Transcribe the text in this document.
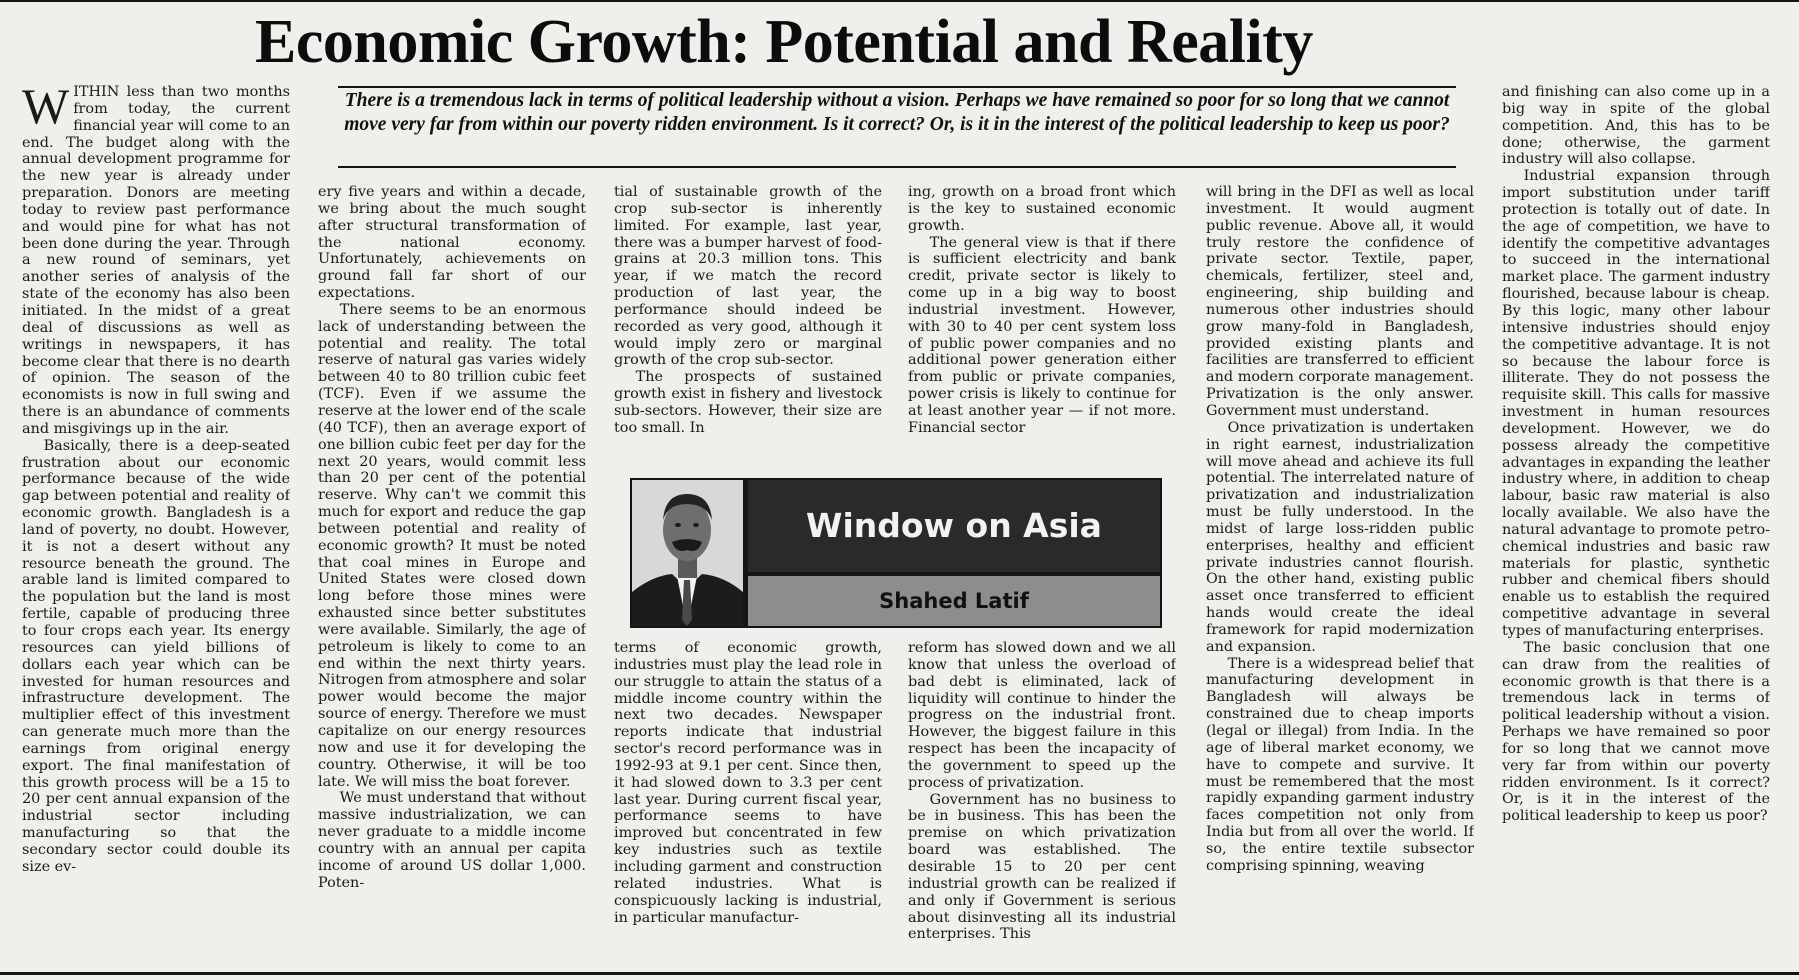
Economic Growth: Potential and Reality
There is a tremendous lack in terms of political leadership without a vision. Perhaps we have remained so poor for so long that we cannot move very far from within our poverty ridden environment. Is it correct? Or, is it in the interest of the political leadership to keep us poor?

WITHIN less than two months from today, the current financial year will come to an end. The budget along with the annual development programme for the new year is already under preparation. Donors are meeting today to review past performance and would pine for what has not been done during the year. Through a new round of seminars, yet another series of analysis of the state of the economy has also been initiated. In the midst of a great deal of discussions as well as writings in newspapers, it has become clear that there is no dearth of opinion. The season of the economists is now in full swing and there is an abundance of comments and misgivings up in the air.

Basically, there is a deep-seated frustration about our economic performance because of the wide gap between potential and reality of economic growth. Bangladesh is a land of poverty, no doubt. However, it is not a desert without any resource beneath the ground. The arable land is limited compared to the population but the land is most fertile, capable of producing three to four crops each year. Its energy resources can yield billions of dollars each year which can be invested for human resources and infrastructure development. The multiplier effect of this investment can generate much more than the earnings from original energy export. The final manifestation of this growth process will be a 15 to 20 per cent annual expansion of the industrial sector including manufacturing so that the secondary sector could double its size ev-

ery five years and within a decade, we bring about the much sought after structural transformation of the national economy. Unfortunately, achievements on ground fall far short of our expectations.

There seems to be an enormous lack of understanding between the potential and reality. The total reserve of natural gas varies widely between 40 to 80 trillion cubic feet (TCF). Even if we assume the reserve at the lower end of the scale (40 TCF), then an average export of one billion cubic feet per day for the next 20 years, would commit less than 20 per cent of the potential reserve. Why can't we commit this much for export and reduce the gap between potential and reality of economic growth? It must be noted that coal mines in Europe and United States were closed down long before those mines were exhausted since better substitutes were available. Similarly, the age of petroleum is likely to come to an end within the next thirty years. Nitrogen from atmosphere and solar power would become the major source of energy. Therefore we must capitalize on our energy resources now and use it for developing the country. Otherwise, it will be too late. We will miss the boat forever.

We must understand that without massive industrialization, we can never graduate to a middle income country with an annual per capita income of around US dollar 1,000. Poten-

tial of sustainable growth of the crop sub-sector is inherently limited. For example, last year, there was a bumper harvest of food-grains at 20.3 million tons. This year, if we match the record production of last year, the performance should indeed be recorded as very good, although it would imply zero or marginal growth of the crop sub-sector.

The prospects of sustained growth exist in fishery and livestock sub-sectors. However, their size are too small. In

ing, growth on a broad front which is the key to sustained economic growth.

The general view is that if there is sufficient electricity and bank credit, private sector is likely to come up in a big way to boost industrial investment. However, with 30 to 40 per cent system loss of public power companies and no additional power generation either from public or private companies, power crisis is likely to continue for at least another year — if not more. Financial sector

Window on Asia
Shahed Latif

terms of economic growth, industries must play the lead role in our struggle to attain the status of a middle income country within the next two decades. Newspaper reports indicate that industrial sector's record performance was in 1992-93 at 9.1 per cent. Since then, it had slowed down to 3.3 per cent last year. During current fiscal year, performance seems to have improved but concentrated in few key industries such as textile including garment and construction related industries. What is conspicuously lacking is industrial, in particular manufactur-

reform has slowed down and we all know that unless the overload of bad debt is eliminated, lack of liquidity will continue to hinder the progress on the industrial front. However, the biggest failure in this respect has been the incapacity of the government to speed up the process of privatization.

Government has no business to be in business. This has been the premise on which privatization board was established. The desirable 15 to 20 per cent industrial growth can be realized if and only if Government is serious about disinvesting all its industrial enterprises. This

will bring in the DFI as well as local investment. It would augment public revenue. Above all, it would truly restore the confidence of private sector. Textile, paper, chemicals, fertilizer, steel and, engineering, ship building and numerous other industries should grow many-fold in Bangladesh, provided existing plants and facilities are transferred to efficient and modern corporate management. Privatization is the only answer. Government must understand.

Once privatization is undertaken in right earnest, industrialization will move ahead and achieve its full potential. The interrelated nature of privatization and industrialization must be fully understood. In the midst of large loss-ridden public enterprises, healthy and efficient private industries cannot flourish. On the other hand, existing public asset once transferred to efficient hands would create the ideal framework for rapid modernization and expansion.

There is a widespread belief that manufacturing development in Bangladesh will always be constrained due to cheap imports (legal or illegal) from India. In the age of liberal market economy, we have to compete and survive. It must be remembered that the most rapidly expanding garment industry faces competition not only from India but from all over the world. If so, the entire textile subsector comprising spinning, weaving

and finishing can also come up in a big way in spite of the global competition. And, this has to be done; otherwise, the garment industry will also collapse.

Industrial expansion through import substitution under tariff protection is totally out of date. In the age of competition, we have to identify the competitive advantages to succeed in the international market place. The garment industry flourished, because labour is cheap. By this logic, many other labour intensive industries should enjoy the competitive advantage. It is not so because the labour force is illiterate. They do not possess the requisite skill. This calls for massive investment in human resources development. However, we do possess already the competitive advantages in expanding the leather industry where, in addition to cheap labour, basic raw material is also locally available. We also have the natural advantage to promote petro-chemical industries and basic raw materials for plastic, synthetic rubber and chemical fibers should enable us to establish the required competitive advantage in several types of manufacturing enterprises.

The basic conclusion that one can draw from the realities of economic growth is that there is a tremendous lack in terms of political leadership without a vision. Perhaps we have remained so poor for so long that we cannot move very far from within our poverty ridden environment. Is it correct? Or, is it in the interest of the political leadership to keep us poor?
